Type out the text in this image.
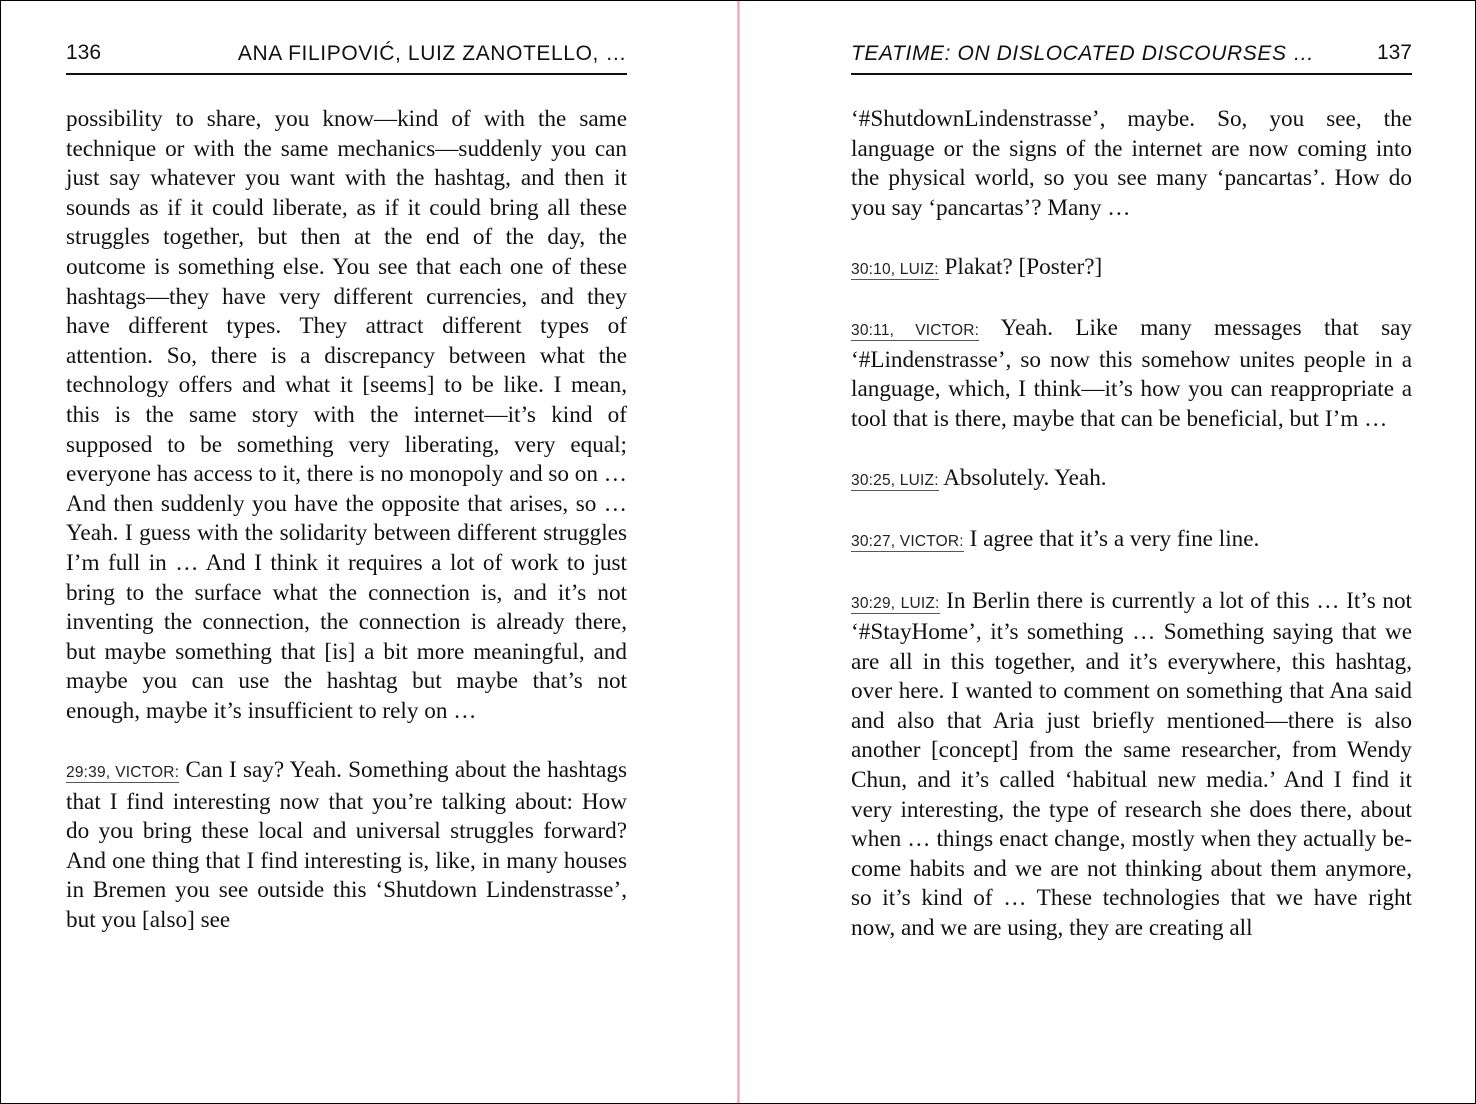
136	ANA FILIPOVIĆ, LUIZ ZANOTELLO, …

possibility to share, you know—kind of with the same technique or with the same mechanics—suddenly you can just say whatever you want with the hashtag, and then it sounds as if it could liberate, as if it could bring all these struggles together, but then at the end of the day, the outcome is something else. You see that each one of these hashtags—they have very different currencies, and they have different types. They attract different types of attention. So, there is a discrepancy between what the technology offers and what it [seems] to be like. I mean, this is the same story with the internet—it’s kind of supposed to be something very liberating, very equal; everyone has access to it, there is no monopoly and so on … And then suddenly you have the opposite that arises, so … Yeah. I guess with the solidarity between different struggles I’m full in … And I think it requires a lot of work to just bring to the surface what the connection is, and it’s not inventing the connection, the connection is already there, but maybe something that [is] a bit more meaningful, and maybe you can use the hashtag but maybe that’s not enough, maybe it’s insufficient to rely on …

29:39, VICTOR: Can I say? Yeah. Something about the hashtags that I find interesting now that you’re talking about: How do you bring these local and universal struggles forward? And one thing that I find interesting is, like, in many houses in Bremen you see outside this ‘Shutdown Lindenstrasse’, but you [also] see

TEATIME: ON DISLOCATED DISCOURSES …	137

‘#ShutdownLindenstrasse’, maybe. So, you see, the language or the signs of the internet are now coming into the physical world, so you see many ‘pancartas’. How do you say ‘pancartas’? Many …

30:10, LUIZ: Plakat? [Poster?]

30:11, VICTOR: Yeah. Like many messages that say ‘#Lindenstrasse’, so now this somehow unites people in a language, which, I think—it’s how you can reappropriate a tool that is there, maybe that can be beneficial, but I’m …

30:25, LUIZ: Absolutely. Yeah.

30:27, VICTOR: I agree that it’s a very fine line.

30:29, LUIZ: In Berlin there is currently a lot of this … It’s not ‘#StayHome’, it’s something … Something saying that we are all in this together, and it’s everywhere, this hashtag, over here. I wanted to comment on something that Ana said and also that Aria just briefly mentioned—there is also another [concept] from the same researcher, from Wendy Chun, and it’s called ‘habitual new media.’ And I find it very interesting, the type of research she does there, about when … things enact change, mostly when they actually become habits and we are not thinking about them anymore, so it’s kind of … These technologies that we have right now, and we are using, they are creating all
